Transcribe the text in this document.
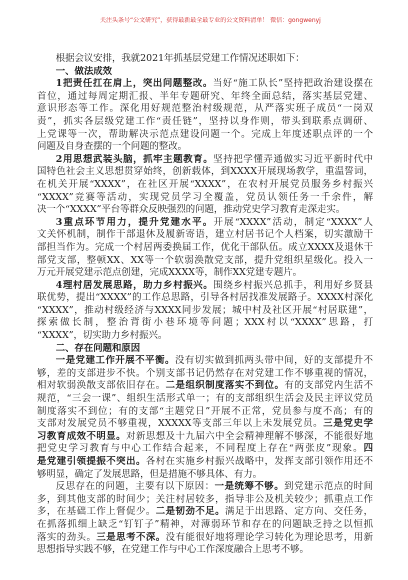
关注头条号“公文研究”，获得最新最全最专业的公文资料清单！ 微信：gongwenyj
根据会议安排，我就2021年抓基层党建工作情况述职如下：
一、做法成效
1把责任扛在肩上，突出问题整改。当好“施工队长”坚持把政治建设摆在
首位，通过每周定期汇报、半年专题研究、年终全面总结，落实基层党建、
意识形态等工作。深化用好规范整治村级规范，从严落实班子成员“一岗双
责”，抓实各层级党建工作“责任链”，坚持以身作则，带头到联系点调研、
上党课等一次，帮助解决示范点建设问题一个。完成上年度述职点评的一个
问题及自身查摆的一个问题的整改。
2用思想武装头脑，抓牢主题教育。坚持把学懂弄通做实习近平新时代中
国特色社会主义思想贯穿始终，创新载体，到XXXX开展现场教学，重温誓词，
在机关开展“XXXX”，在社区开展“XXXX”，在农村开展党员服务乡村振兴
“XXXX”竞赛等活动，实现党员学习全覆盖，党员认领任务一千余件，解
决一个“XXXX”平台等群众反映强烈的问题，推动党史学习教育走深走实。
3重点环节用力，提升党建水平。开展“XXXX”活动，制定“XXXX”人
文关怀机制，制作干部退休及履新寄语，建立村居书记个人档案，切实激励干
部担当作为。完成一个村居两委换届工作，优化干部队伍。成立XXXX及退休干
部党支部，整顿XX、XX等一个软弱涣散党支部，提升党组织星级化。投入一
万元开展党建示范点创建，完成XXXX等，制作XX党建专题片。
4理村居发展思路，助力乡村振兴。围绕乡村振兴总抓手，利用好乡贤县
联优势，提出“XXXX”的工作总思路，引导各村居找准发展路子。XXXX村深化
“XXXX”，推动村级经济与XXXX同步发展；城中村及社区开展“村居联建”，
探索做长制，整治背街小巷环境等问题；XXX村以“XXXX”思路，打
“XXXX”，切实助力乡村振兴。
二、存在问题和原因
一是党建工作开展不平衡。没有切实做到抓两头带中间，好的支部提升不
够，差的支部进步不快。个别支部书记仍然存在对党建工作不够重视的情况，
相对软弱涣散支部依旧存在。二是组织制度落实不到位。有的支部党内生活不
规范，“三会一课”、组织生活形式单一；有的支部组织生活会及民主评议党员
制度落实不到位；有的支部“主题党日”开展不正常，党员参与度不高；有的
支部对发展党员不够重视，XXXXX等支部三年以上未发展党员。三是党史学
习教育成效不明显。对新思想及十九届六中全会精神理解不够深，不能很好地
把党史学习教育与中心工作结合起来，不同程度上存在“两张皮”现象。四
是党建引领提振不突出。各村在实施乡村振兴战略中，发挥支部引领作用还不
够明显，确定了发展思路，但是措施不够具体、有力。
反思存在的问题，主要有以下原因：一是统筹不够。到党建示范点的时间
多，到其他支部的时间少；关注村居较多，指导非公及机关较少；抓重点工作
多，在基础工作上督促少。二是韧劲不足。满足于出思路、定方向、交任务，
在抓落抓细上缺乏“钉钉子”精神，对薄弱环节和存在的问题缺乏持之以恒抓
落实的劲头。三是思考不深。没有能很好地将理论学习转化为理论思考，用新
思想指导实践不够，在党建工作与中心工作深度融合上思考不够。
